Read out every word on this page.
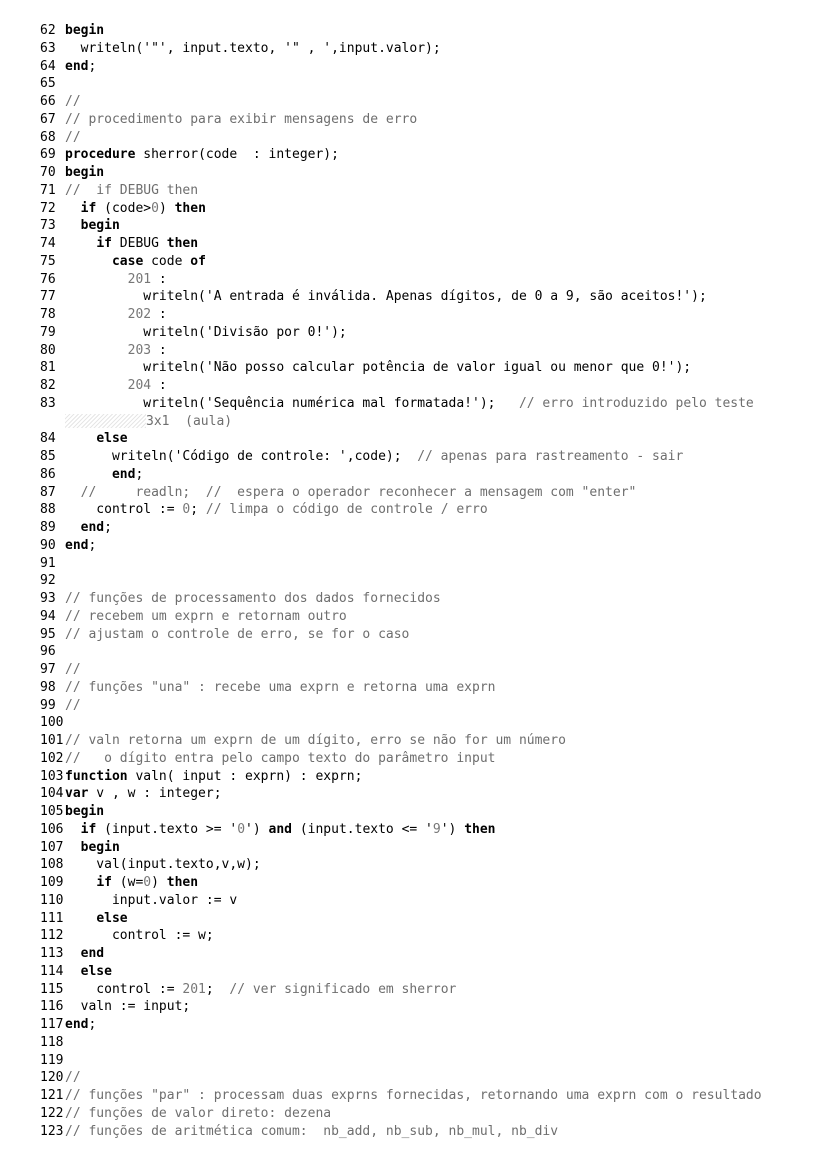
62 begin
63 writeln('"', input.texto, '" , ',input.valor);
64 end;
65
66 //
67 // procedimento para exibir mensagens de erro
68 //
69 procedure sherror(code  : integer);
70 begin
71 //  if DEBUG then
72	if (code>0) then
73	begin
74	if DEBUG then
75	case code of
76	201 :
77 writeln('A entrada é inválida. Apenas dígitos, de 0 a 9, são aceitos!');
78	202 :
79 writeln('Divisão por 0!');
80	203 :
81 writeln('Não posso calcular potência de valor igual ou menor que 0!');
82	204 :
83 writeln('Sequência numérica mal formatada!');   // erro introduzido pelo teste
3x1  (aula)
84	else
85 writeln('Código de controle: ',code);  // apenas para rastreamento - sair
86	end;
87 //     readln;  //  espera o operador reconhecer a mensagem com "enter"
88 control := 0; // limpa o código de controle / erro
89	end;
90 end;
91
92
93 // funções de processamento dos dados fornecidos
94 // recebem um exprn e retornam outro
95 // ajustam o controle de erro, se for o caso
96
97 //
98 // funções "una" : recebe uma exprn e retorna uma exprn
99 //
100
101 // valn retorna um exprn de um dígito, erro se não for um número
102 //   o dígito entra pelo campo texto do parâmetro input
103 function valn( input : exprn) : exprn;
104 var v , w : integer;
105 begin
106	if (input.texto >= '0') and (input.texto <= '9') then
107	begin
108 val(input.texto,v,w);
109	if (w=0) then
110 input.valor := v
111	else
112 control := w;
113	end
114	else
115 control := 201;  // ver significado em sherror
116 valn := input;
117 end;
118
119
120 //
121 // funções "par" : processam duas exprns fornecidas, retornando uma exprn com o resultado
122 // funções de valor direto: dezena
123 // funções de aritmética comum:  nb_add, nb_sub, nb_mul, nb_div
